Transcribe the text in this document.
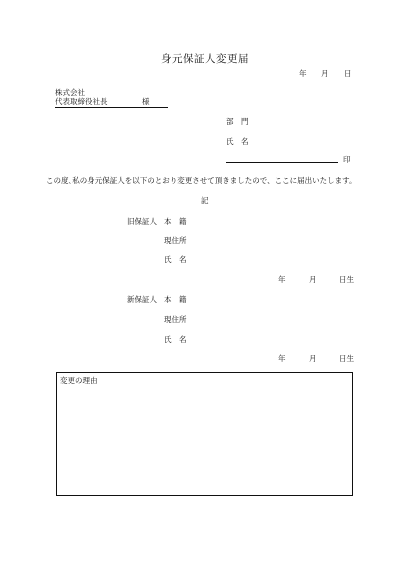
身元保証人変更届
年 月 日
株式会社
代表取締役社長	様
部　門
氏　名
印
この度､私の身元保証人を以下のとおり変更させて頂きましたので、ここに届出いたします。
記
旧保証人 本　籍
現住所
氏　名
年	月	日生
新保証人 本　籍
現住所
氏　名
年	月	日生
変更の理由
